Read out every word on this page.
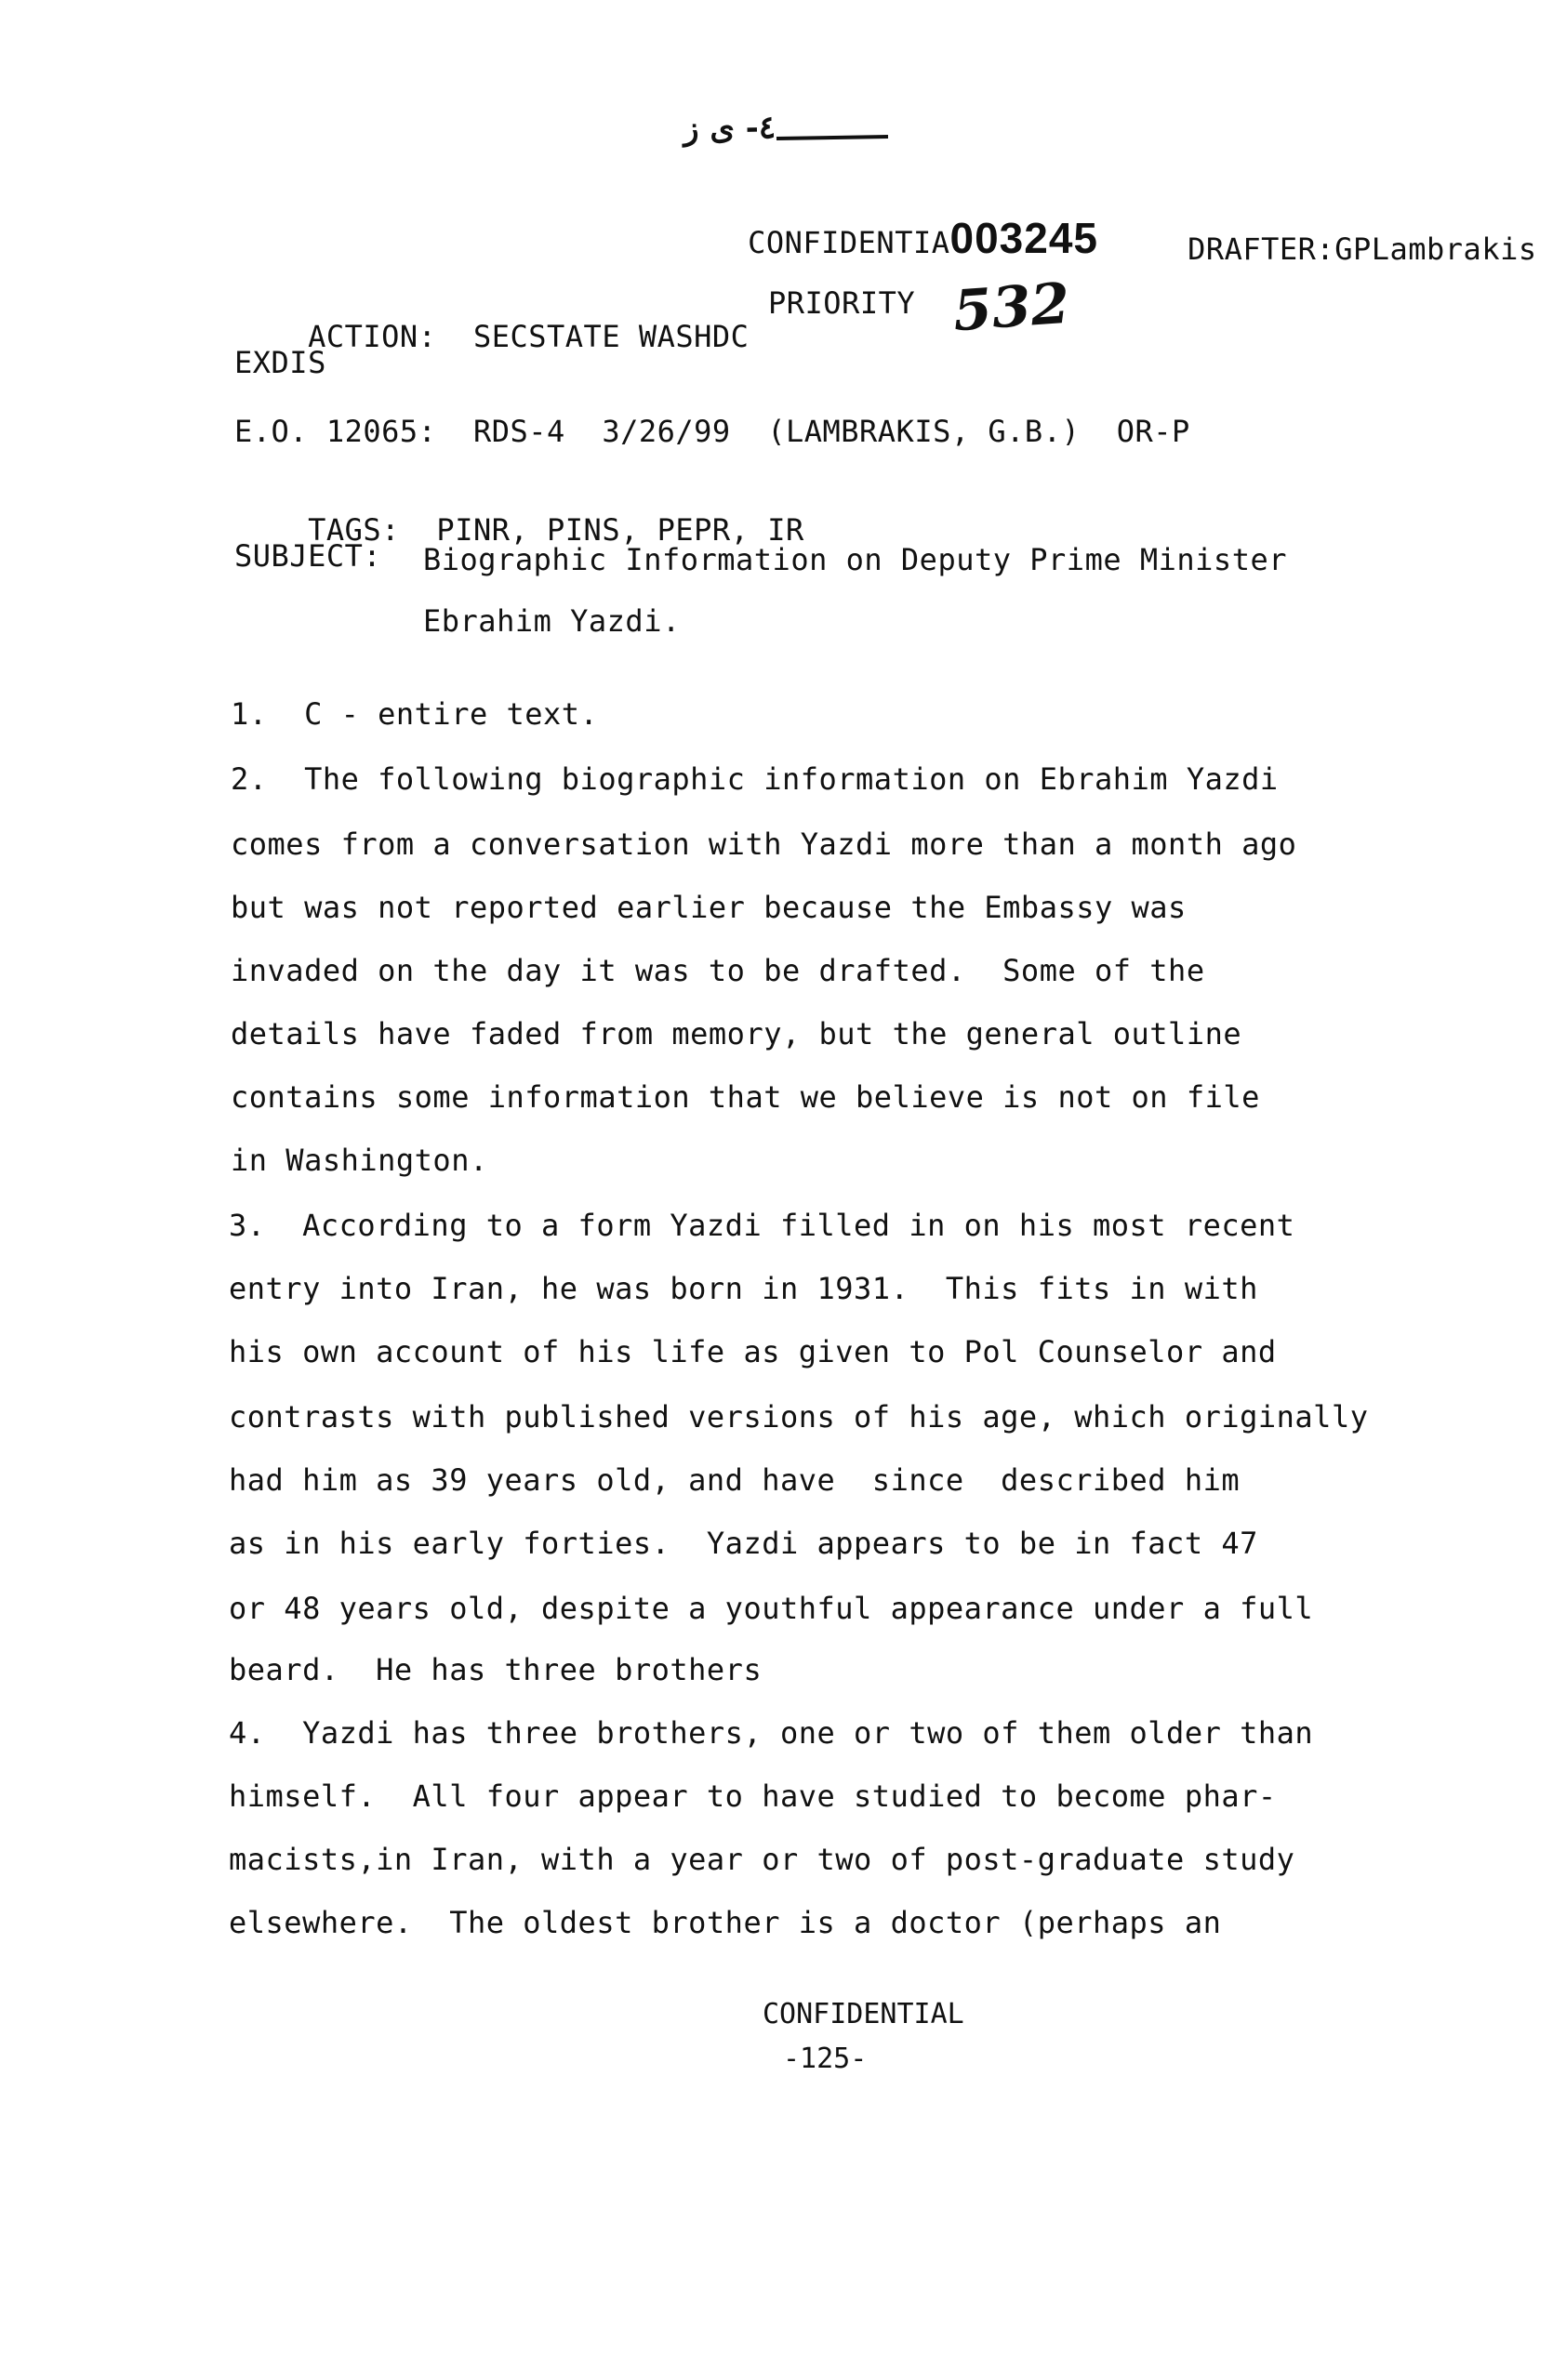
٤- ی ز

CONFIDENTIA003245
	DRAFTER:GPLambrakis

ACTION: SECSTATE WASHDC

PRIORITY 532
EXDIS
E.O. 12065:  RDS-4  3/26/99  (LAMBRAKIS, G.B.)  OR-P

TAGS: PINR, PINS, PEPR, IR

SUBJECT: Biographic Information on Deputy Prime Minister
Ebrahim Yazdi.
1.  C - entire text.
2.  The following biographic information on Ebrahim Yazdi
comes from a conversation with Yazdi more than a month ago
but was not reported earlier because the Embassy was
invaded on the day it was to be drafted.  Some of the
details have faded from memory, but the general outline
contains some information that we believe is not on file
in Washington.
3.  According to a form Yazdi filled in on his most recent
entry into Iran, he was born in 1931.  This fits in with
his own account of his life as given to Pol Counselor and
contrasts with published versions of his age, which originally
had him as 39 years old, and have  since  described him
as in his early forties.  Yazdi appears to be in fact 47
or 48 years old, despite a youthful appearance under a full
beard.  He has three brothers
4.  Yazdi has three brothers, one or two of them older than
himself.  All four appear to have studied to become phar-
macists,in Iran, with a year or two of post-graduate study
elsewhere.  The oldest brother is a doctor (perhaps an
CONFIDENTIAL
-125-
